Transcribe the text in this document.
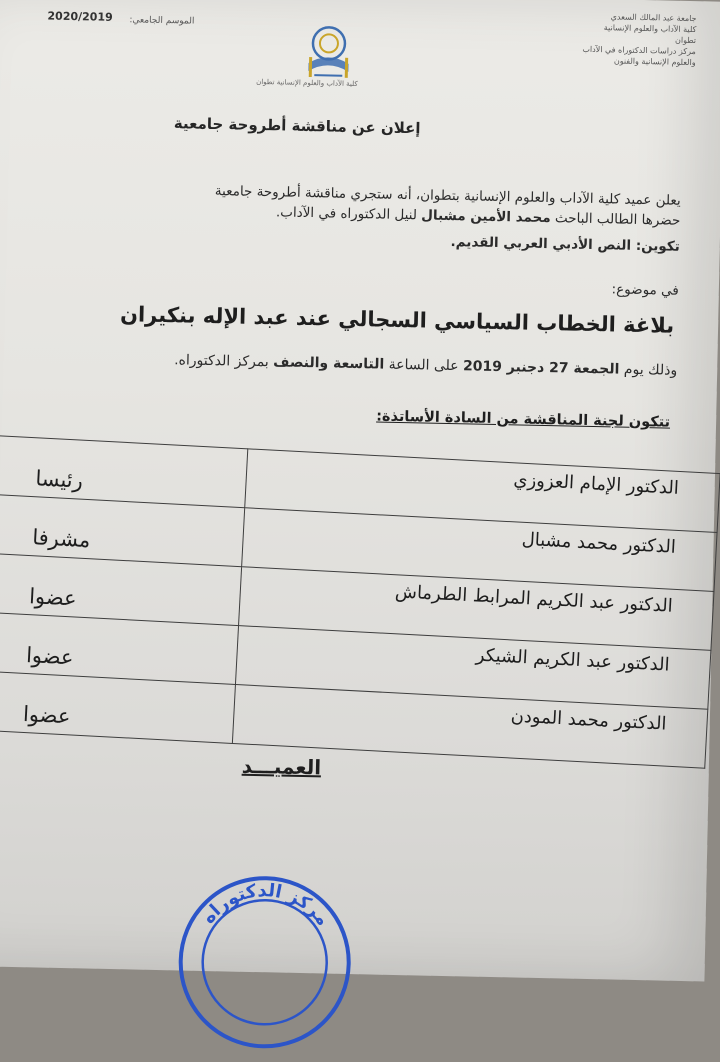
جامعة عبد المالك السعدي
كلية الآداب والعلوم الإنسانية
تطوان
مركز دراسات الدكتوراه في الآداب
والعلوم الإنسانية والفنون
الموسم الجامعي:
2020/2019
كلية الآداب والعلوم الإنسانية تطوان
إعلان عن مناقشة أطروحة جامعية
يعلن عميد كلية الآداب والعلوم الإنسانية بتطوان، أنه ستجري مناقشة أطروحة جامعية
حضرها الطالب الباحث محمد الأمين مشبال لنيل الدكتوراه في الآداب.
تكوين: النص الأدبي العربي القديم.
في موضوع:
بلاغة الخطاب السياسي السجالي عند عبد الإله بنكيران
وذلك يوم الجمعة 27 دجنبر 2019 على الساعة التاسعة والنصف بمركز الدكتوراه.
تتكون لجنة المناقشة من السادة الأساتذة:
رئيسا	الدكتور الإمام العزوزي
مشرفا	الدكتور محمد مشبال
عضوا	الدكتور عبد الكريم المرابط الطرماش
عضوا	الدكتور عبد الكريم الشيكر
عضوا	الدكتور محمد المودن
العميـــد
مركز الدكتوراه
